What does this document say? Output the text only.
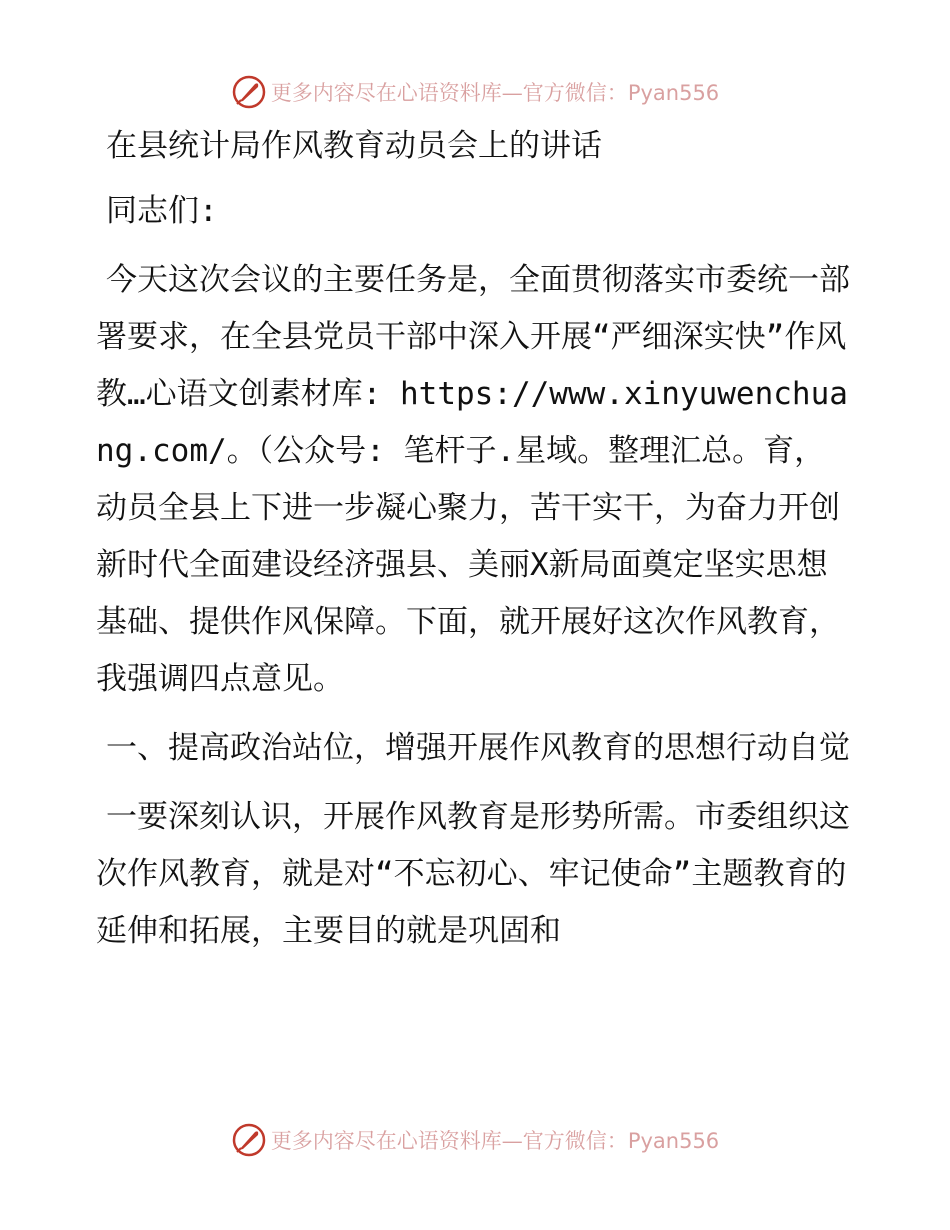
更多内容尽在心语资料库—官方微信：Pyan556

在县统计局作风教育动员会上的讲话

同志们:

今天这次会议的主要任务是，全面贯彻落实市委统一部署要求，在全县党员干部中深入开展“严细深实快”作风教…心语文创素材库: https://www.xinyuwenchuang.com/。（公众号: 笔杆子.星域。整理汇总。育，动员全县上下进一步凝心聚力，苦干实干，为奋力开创新时代全面建设经济强县、美丽X新局面奠定坚实思想基础、提供作风保障。下面，就开展好这次作风教育，我强调四点意见。

一、提高政治站位，增强开展作风教育的思想行动自觉

一要深刻认识，开展作风教育是形势所需。市委组织这次作风教育，就是对“不忘初心、牢记使命”主题教育的延伸和拓展，主要目的就是巩固和

更多内容尽在心语资料库—官方微信：Pyan556
